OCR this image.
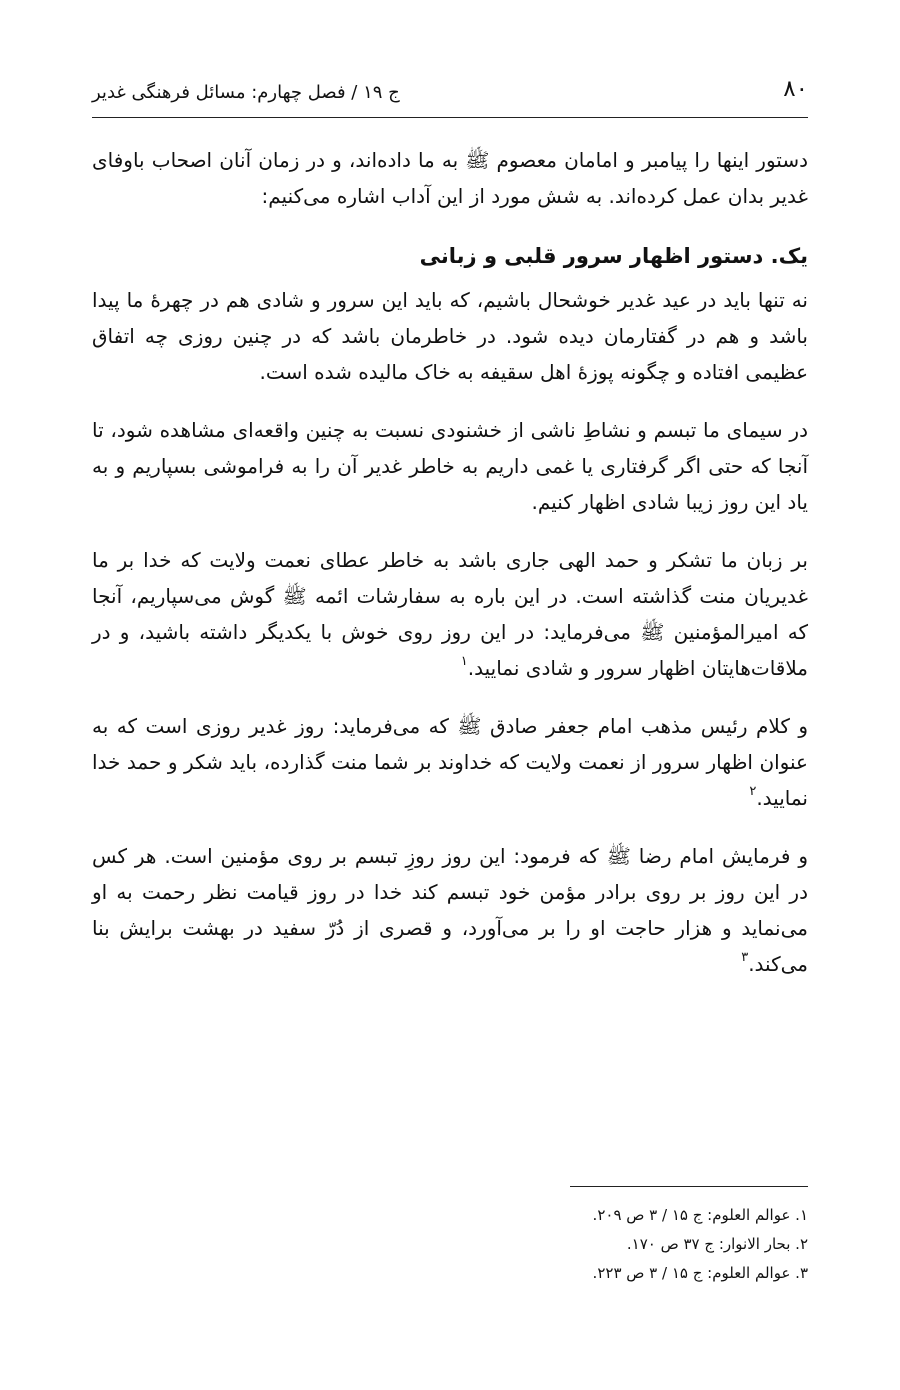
۸۰
ج ۱۹ / فصل چهارم: مسائل فرهنگی غدیر

دستور اینها را پیامبر و امامان معصوم ﷺ به ما داده‌اند، و در زمان آنان اصحاب باوفای غدیر بدان عمل کرده‌اند. به شش مورد از این آداب اشاره می‌کنیم:

یک. دستور اظهار سرور قلبی و زبانی

نه تنها باید در عید غدیر خوشحال باشیم، که باید این سرور و شادی هم در چهرهٔ ما پیدا باشد و هم در گفتارمان دیده شود. در خاطرمان باشد که در چنین روزی چه اتفاق عظیمی افتاده و چگونه پوزهٔ اهل سقیفه به خاک مالیده شده است.

در سیمای ما تبسم و نشاطِ ناشی از خشنودی نسبت به چنین واقعه‌ای مشاهده شود، تا آنجا که حتی اگر گرفتاری یا غمی داریم به خاطر غدیر آن را به فراموشی بسپاریم و به یاد این روز زیبا شادی اظهار کنیم.

بر زبان ما تشکر و حمد الهی جاری باشد به خاطر عطای نعمت ولایت که خدا بر ما غدیریان منت گذاشته است. در این باره به سفارشات ائمه ﷺ گوش می‌سپاریم، آنجا که امیرالمؤمنین ﷺ می‌فرماید: در این روز روی خوش با یکدیگر داشته باشید، و در ملاقات‌هایتان اظهار سرور و شادی نمایید.$^۱$

و کلام رئیس مذهب امام جعفر صادق ﷺ که می‌فرماید: روز غدیر روزی است که به عنوان اظهار سرور از نعمت ولایت که خداوند بر شما منت گذارده، باید شکر و حمد خدا نمایید.$^۲$

و فرمایش امام رضا ﷺ که فرمود: این روز روزِ تبسم بر روی مؤمنین است. هر کس در این روز بر روی برادر مؤمن خود تبسم کند خدا در روز قیامت نظر رحمت به او می‌نماید و هزار حاجت او را بر می‌آورد، و قصری از دُرّ سفید در بهشت برایش بنا می‌کند.$^۳$

۱. عوالم العلوم: ج ۱۵ / ۳ ص ۲۰۹.

۲. بحار الانوار: ج ۳۷ ص ۱۷۰.

۳. عوالم العلوم: ج ۱۵ / ۳ ص ۲۲۳.
